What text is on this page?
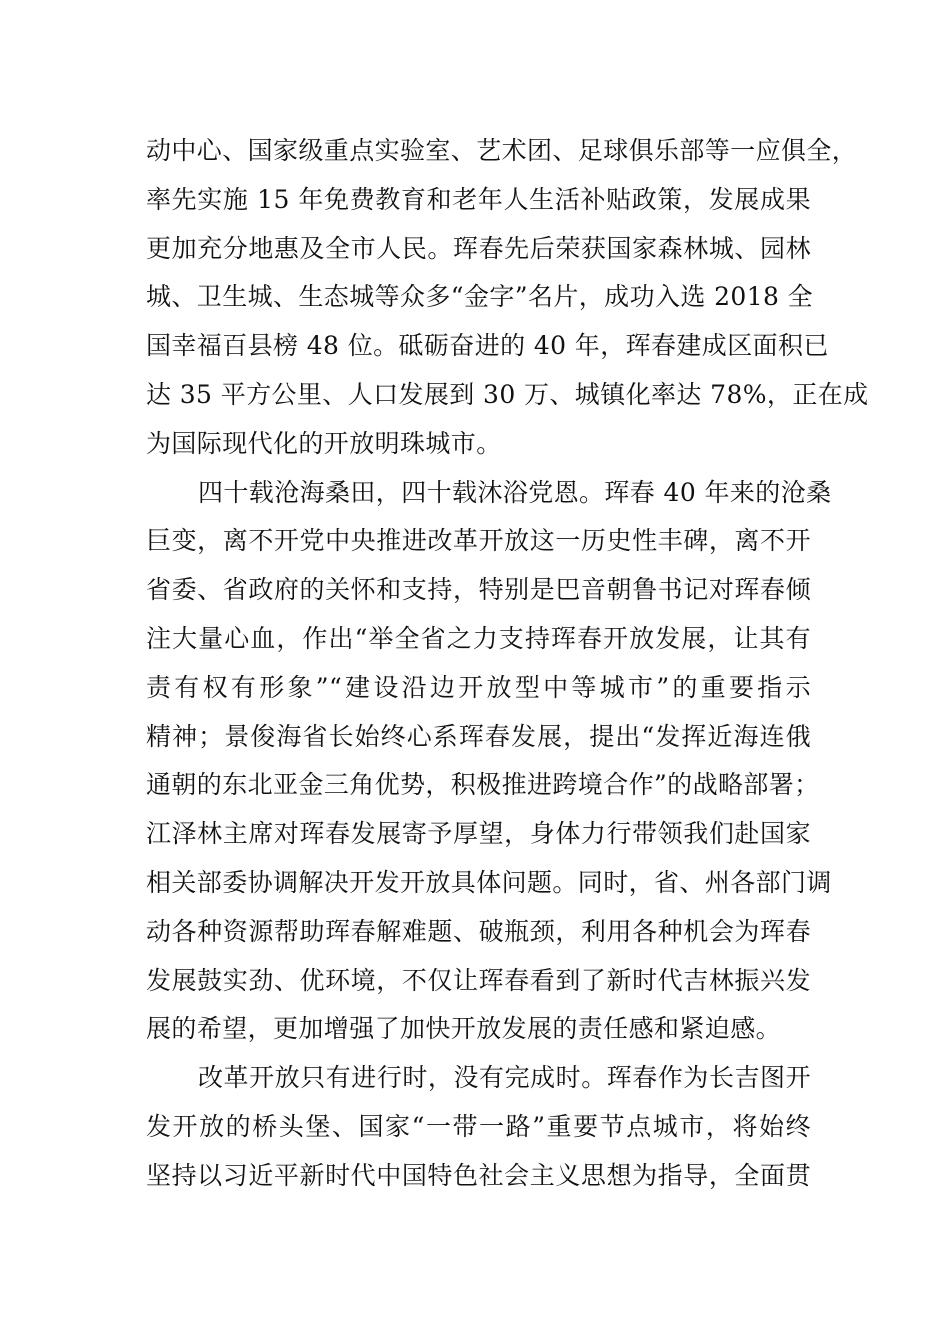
动中心、国家级重点实验室、艺术团、足球俱乐部等一应俱全，
率先实施 15 年免费教育和老年人生活补贴政策，发展成果
更加充分地惠及全市人民。珲春先后荣获国家森林城、园林
城、卫生城、生态城等众多“金字”名片，成功入选 2018 全
国幸福百县榜 48 位。砥砺奋进的 40 年，珲春建成区面积已
达 35 平方公里、人口发展到 30 万、城镇化率达 78%，正在成
为国际现代化的开放明珠城市。
四十载沧海桑田，四十载沐浴党恩。珲春 40 年来的沧桑
巨变，离不开党中央推进改革开放这一历史性丰碑，离不开
省委、省政府的关怀和支持，特别是巴音朝鲁书记对珲春倾
注大量心血，作出“举全省之力支持珲春开放发展，让其有
责有权有形象”“建设沿边开放型中等城市”的重要指示
精神；景俊海省长始终心系珲春发展，提出“发挥近海连俄
通朝的东北亚金三角优势，积极推进跨境合作”的战略部署；
江泽林主席对珲春发展寄予厚望，身体力行带领我们赴国家
相关部委协调解决开发开放具体问题。同时，省、州各部门调
动各种资源帮助珲春解难题、破瓶颈，利用各种机会为珲春
发展鼓实劲、优环境，不仅让珲春看到了新时代吉林振兴发
展的希望，更加增强了加快开放发展的责任感和紧迫感。
改革开放只有进行时，没有完成时。珲春作为长吉图开
发开放的桥头堡、国家“一带一路”重要节点城市，将始终
坚持以习近平新时代中国特色社会主义思想为指导，全面贯
